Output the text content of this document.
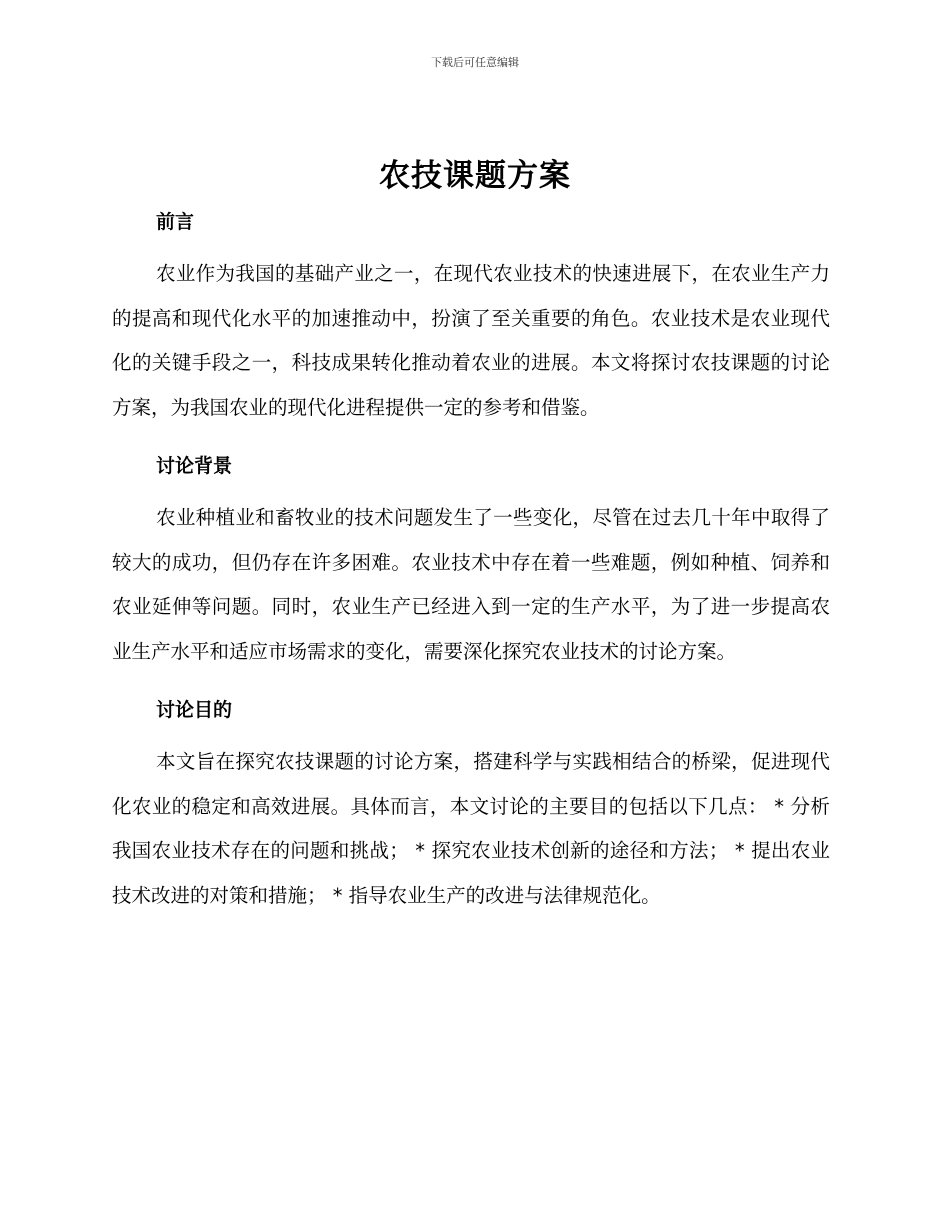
下载后可任意编辑
农技课题方案
前言

农业作为我国的基础产业之一，在现代农业技术的快速进展下，在农业生产力的提高和现代化水平的加速推动中，扮演了至关重要的角色。农业技术是农业现代化的关键手段之一，科技成果转化推动着农业的进展。本文将探讨农技课题的讨论方案，为我国农业的现代化进程提供一定的参考和借鉴。

讨论背景

农业种植业和畜牧业的技术问题发生了一些变化，尽管在过去几十年中取得了较大的成功，但仍存在许多困难。农业技术中存在着一些难题，例如种植、饲养和农业延伸等问题。同时，农业生产已经进入到一定的生产水平，为了进一步提高农业生产水平和适应市场需求的变化，需要深化探究农业技术的讨论方案。

讨论目的

本文旨在探究农技课题的讨论方案，搭建科学与实践相结合的桥梁，促进现代化农业的稳定和高效进展。具体而言，本文讨论的主要目的包括以下几点： * 分析我国农业技术存在的问题和挑战； * 探究农业技术创新的途径和方法； * 提出农业技术改进的对策和措施； * 指导农业生产的改进与法律规范化。
